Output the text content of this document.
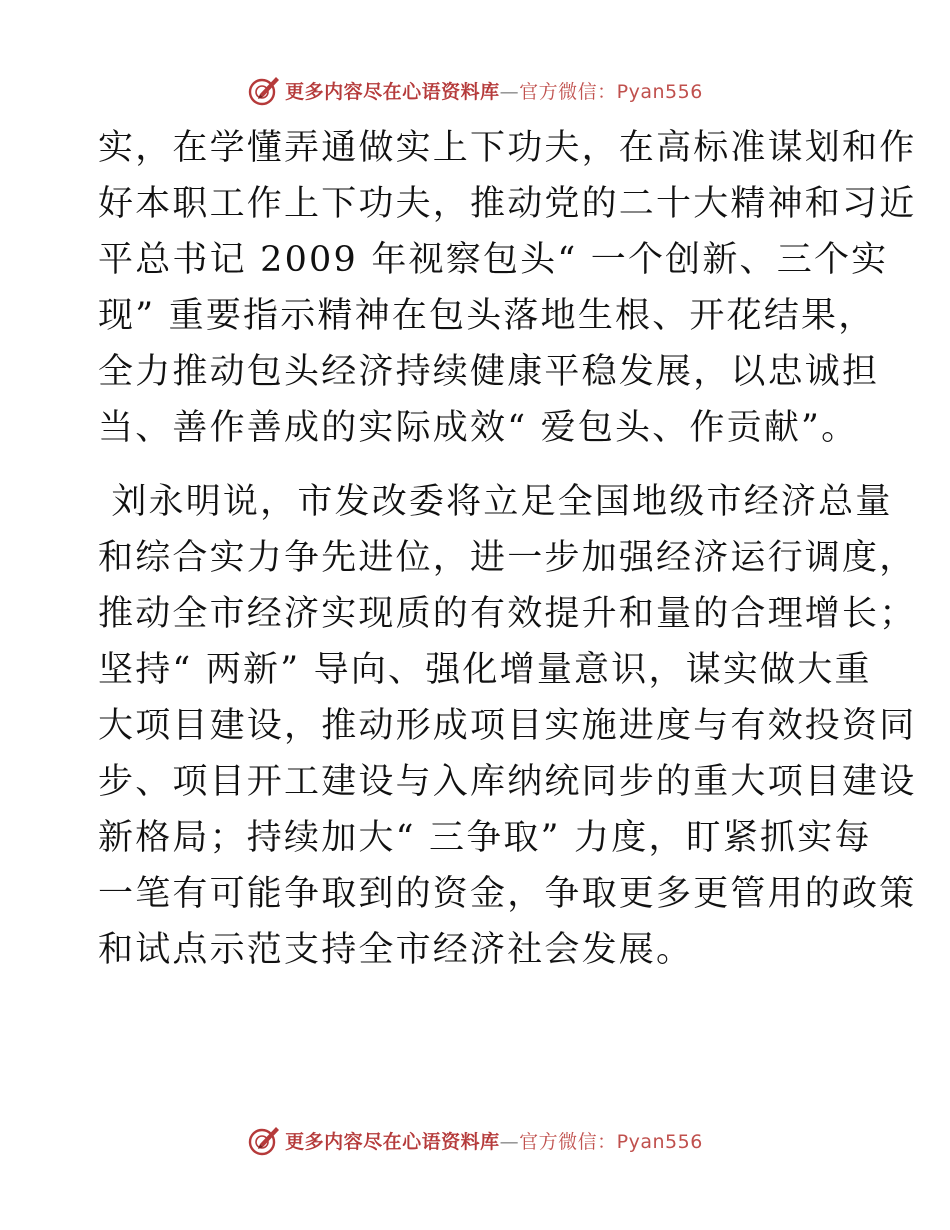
更多内容尽在心语资料库—官方微信：Pyan556
实，在学懂弄通做实上下功夫，在高标准谋划和作
好本职工作上下功夫，推动党的二十大精神和习近
平总书记 2009 年视察包头“ 一个创新、三个实
现” 重要指示精神在包头落地生根、开花结果，
全力推动包头经济持续健康平稳发展，以忠诚担
当、善作善成的实际成效“ 爱包头、作贡献”。
刘永明说，市发改委将立足全国地级市经济总量
和综合实力争先进位，进一步加强经济运行调度，
推动全市经济实现质的有效提升和量的合理增长；
坚持“ 两新” 导向、强化增量意识，谋实做大重
大项目建设，推动形成项目实施进度与有效投资同
步、项目开工建设与入库纳统同步的重大项目建设
新格局；持续加大“ 三争取” 力度，盯紧抓实每
一笔有可能争取到的资金，争取更多更管用的政策
和试点示范支持全市经济社会发展。
更多内容尽在心语资料库—官方微信：Pyan556
